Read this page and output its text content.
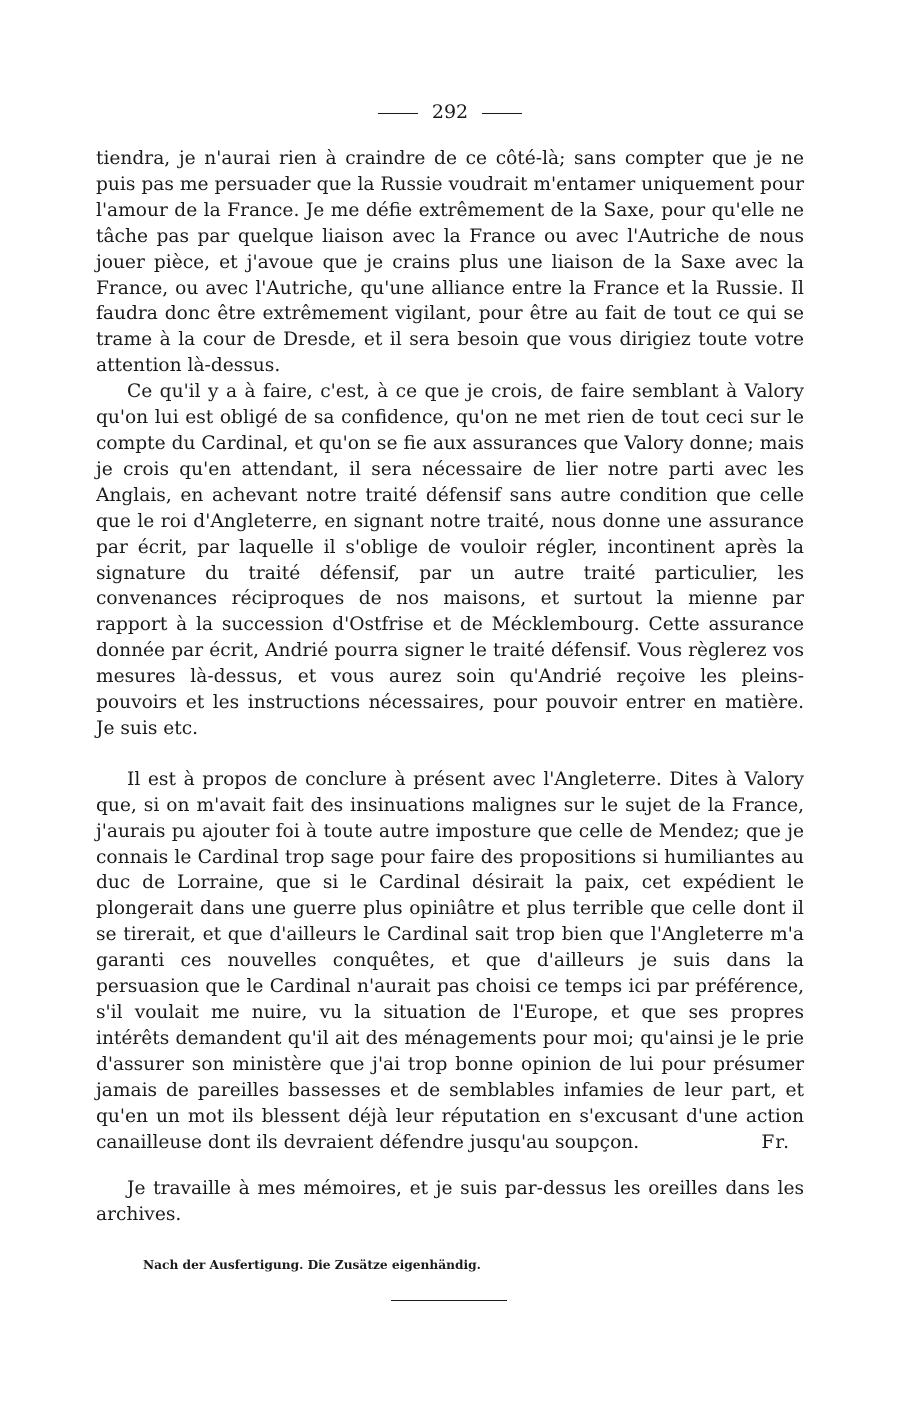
292

tiendra, je n'aurai rien à craindre de ce côté-là; sans compter que je ne puis pas me persuader que la Russie voudrait m'entamer uniquement pour l'amour de la France. Je me défie extrêmement de la Saxe, pour qu'elle ne tâche pas par quelque liaison avec la France ou avec l'Autriche de nous jouer pièce, et j'avoue que je crains plus une liaison de la Saxe avec la France, ou avec l'Autriche, qu'une alliance entre la France et la Russie. Il faudra donc être extrêmement vigilant, pour être au fait de tout ce qui se trame à la cour de Dresde, et il sera besoin que vous dirigiez toute votre attention là-dessus.

Ce qu'il y a à faire, c'est, à ce que je crois, de faire semblant à Valory qu'on lui est obligé de sa confidence, qu'on ne met rien de tout ceci sur le compte du Cardinal, et qu'on se fie aux assurances que Valory donne; mais je crois qu'en attendant, il sera nécessaire de lier notre parti avec les Anglais, en achevant notre traité défensif sans autre condition que celle que le roi d'Angleterre, en signant notre traité, nous donne une assurance par écrit, par laquelle il s'oblige de vouloir régler, incontinent après la signature du traité défensif, par un autre traité particulier, les convenances réciproques de nos maisons, et surtout la mienne par rapport à la succession d'Ostfrise et de Mécklembourg. Cette assurance donnée par écrit, Andrié pourra signer le traité défensif. Vous règlerez vos mesures là-dessus, et vous aurez soin qu'Andrié reçoive les pleins-pouvoirs et les instructions nécessaires, pour pouvoir entrer en matière. Je suis etc.

Il est à propos de conclure à présent avec l'Angleterre. Dites à Valory que, si on m'avait fait des insinuations malignes sur le sujet de la France, j'aurais pu ajouter foi à toute autre imposture que celle de Mendez; que je connais le Cardinal trop sage pour faire des propositions si humiliantes au duc de Lorraine, que si le Cardinal désirait la paix, cet expédient le plongerait dans une guerre plus opiniâtre et plus terrible que celle dont il se tirerait, et que d'ailleurs le Cardinal sait trop bien que l'Angleterre m'a garanti ces nouvelles conquêtes, et que d'ailleurs je suis dans la persuasion que le Cardinal n'aurait pas choisi ce temps ici par préférence, s'il voulait me nuire, vu la situation de l'Europe, et que ses propres intérêts demandent qu'il ait des ménagements pour moi; qu'ainsi je le prie d'assurer son ministère que j'ai trop bonne opinion de lui pour présumer jamais de pareilles bassesses et de semblables infamies de leur part, et qu'en un mot ils blessent déjà leur réputation en s'excusant d'une action canailleuse dont ils devraient défendre jusqu'au soupçon.	Fr.

Je travaille à mes mémoires, et je suis par-dessus les oreilles dans les archives.

Nach der Ausfertigung. Die Zusätze eigenhändig.
